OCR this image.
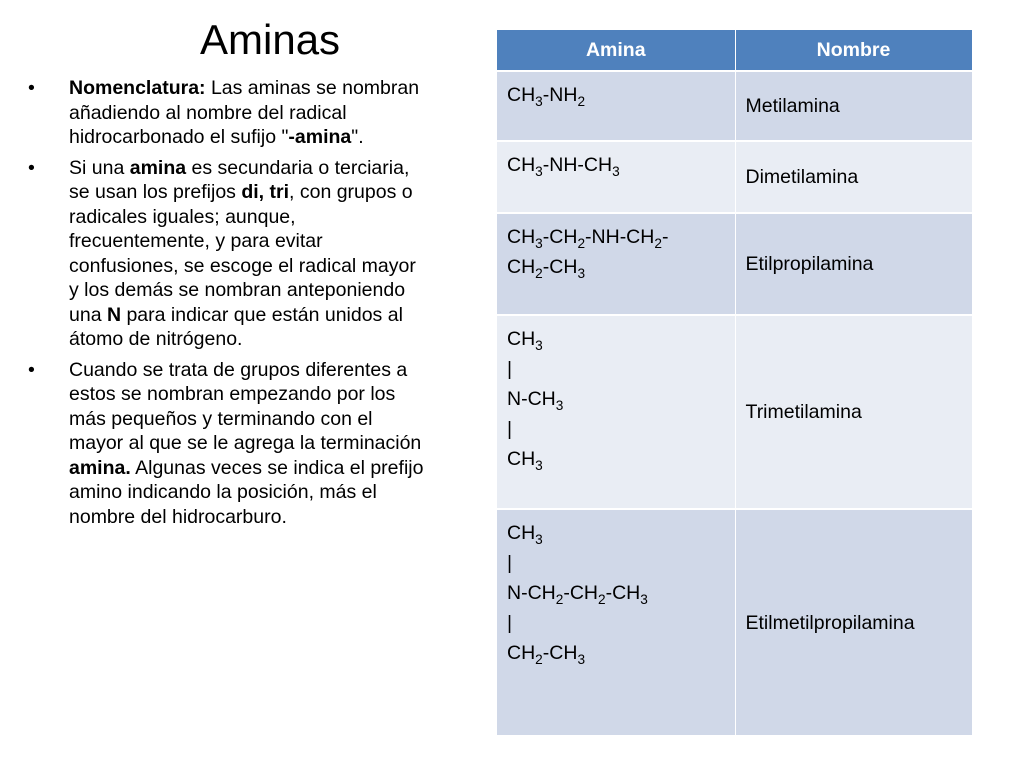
Aminas
• Nomenclatura: Las aminas se nombran añadiendo al nombre del radical hidrocarbonado el sufijo "-amina".
• Si una amina es secundaria o terciaria, se usan los prefijos di, tri, con grupos o radicales iguales; aunque, frecuentemente, y para evitar confusiones, se escoge el radical mayor y los demás se nombran anteponiendo una N para indicar que están unidos al átomo de nitrógeno.
• Cuando se trata de grupos diferentes a estos se nombran empezando por los más pequeños y terminando con el mayor al que se le agrega la terminación amina. Algunas veces se indica el prefijo amino indicando la posición, más el nombre del hidrocarburo.
Amina	Nombre

$CH_3-NH_2$	Metilamina

$CH_3-NH-CH_3$	Dimetilamina

$CH_3-CH_2-NH-CH_2-$
$CH_2-CH_3$	Etilpropilamina

$CH_3$
|
$N-CH_3$
|
$CH_3$	Trimetilamina

$CH_3$
|
$N-CH_2-CH_2-CH_3$
|
$CH_2-CH_3$	Etilmetilpropilamina
